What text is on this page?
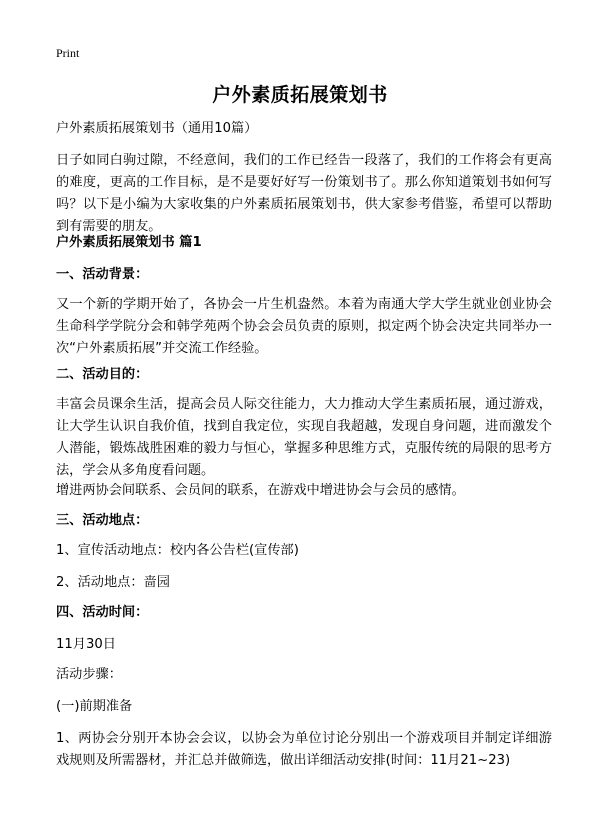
Print
户外素质拓展策划书
户外素质拓展策划书（通用10篇）
日子如同白驹过隙，不经意间，我们的工作已经告一段落了，我们的工作将会有更高的难度，更高的工作目标，是不是要好好写一份策划书了。那么你知道策划书如何写吗？以下是小编为大家收集的户外素质拓展策划书，供大家参考借鉴，希望可以帮助到有需要的朋友。
户外素质拓展策划书 篇1
一、活动背景：
又一个新的学期开始了，各协会一片生机盎然。本着为南通大学大学生就业创业协会生命科学学院分会和韩学苑两个协会会员负责的原则，拟定两个协会决定共同举办一次“户外素质拓展”并交流工作经验。
二、活动目的：
丰富会员课余生活，提高会员人际交往能力，大力推动大学生素质拓展，通过游戏，让大学生认识自我价值，找到自我定位，实现自我超越，发现自身问题，进而激发个人潜能，锻炼战胜困难的毅力与恒心，掌握多种思维方式，克服传统的局限的思考方法，学会从多角度看问题。
增进两协会间联系、会员间的联系，在游戏中增进协会与会员的感情。
三、活动地点：
1、宣传活动地点：校内各公告栏(宣传部)
2、活动地点：啬园
四、活动时间：
11月30日
活动步骤：
(一)前期准备
1、两协会分别开本协会会议，以协会为单位讨论分别出一个游戏项目并制定详细游戏规则及所需器材，并汇总并做筛选，做出详细活动安排(时间：11月21~23)
